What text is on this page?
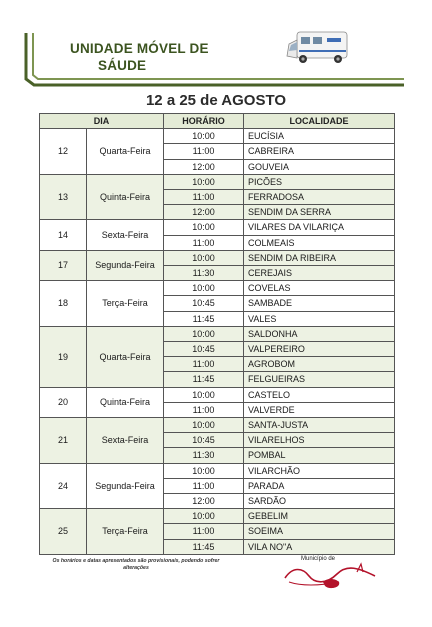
UNIDADE MÓVEL DE
SÁUDE
12 a 25 de AGOSTO
DIA		HORÁRIO	LOCALIDADE
12	Quarta-Feira	10:00	EUCÍSIA
		11:00	CABREIRA
		12:00	GOUVEIA
13	Quinta-Feira	10:00	PICÕES
		11:00	FERRADOSA
		12:00	SENDIM DA SERRA
14	Sexta-Feira	10:00	VILARES DA VILARIÇA
		11:00	COLMEAIS
17	Segunda-Feira	10:00	SENDIM DA RIBEIRA
		11:30	CEREJAIS
18	Terça-Feira	10:00	COVELAS
		10:45	SAMBADE
		11:45	VALES
19	Quarta-Feira	10:00	SALDONHA
		10:45	VALPEREIRO
		11:00	AGROBOM
		11:45	FELGUEIRAS
20	Quinta-Feira	10:00	CASTELO
		11:00	VALVERDE
21	Sexta-Feira	10:00	SANTA-JUSTA
		10:45	VILARELHOS
		11:30	POMBAL
24	Segunda-Feira	10:00	VILARCHÃO
		11:00	PARADA
		12:00	SARDÃO
25	Terça-Feira	10:00	GEBELIM
		11:00	SOEIMA
		11:45	VILA NO"A
Os horários e datas apresentados são provisionais, podendo sofrer alterações
Município de
